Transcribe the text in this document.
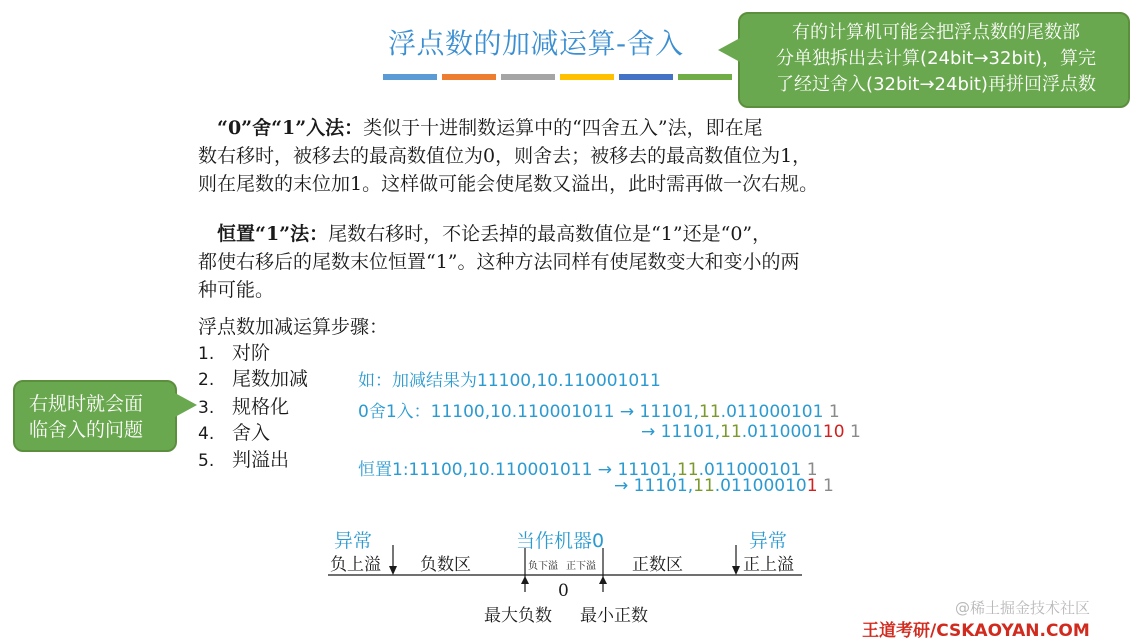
浮点数的加减运算-舍入	有的计算机可能会把浮点数的尾数部
分单独拆出去计算(24bit→32bit)，算完
了经过舍入(32bit→24bit)再拼回浮点数
　“0”舍“1”入法：类似于十进制数运算中的“四舍五入”法，即在尾
数右移时，被移去的最高数值位为0，则舍去；被移去的最高数值位为1，
则在尾数的末位加1。这样做可能会使尾数又溢出，此时需再做一次右规。
　恒置“1”法：尾数右移时，不论丢掉的最高数值位是“1”还是“0”，
都使右移后的尾数末位恒置“1”。这种方法同样有使尾数变大和变小的两
种可能。
浮点数加减运算步骤：
1. 对阶
2. 尾数加减
3. 规格化
4. 舍入
5. 判溢出
右规时就会面
临舍入的问题
如：加减结果为11100,10.110001011
0舍1入：11100,10.110001011 → 11101,11.011000101 1
→ 11101,11.011000110 1
恒置1:11100,10.110001011 → 11101,11.011000101 1
→ 11101,11.011000101 1
异常	异常
当作机器0
负上溢 负数区	负下溢 正下溢 正数区	正上溢
0
最大负数 最小正数	@稀土掘金技术社区
王道考研/CSKAOYAN.COM
